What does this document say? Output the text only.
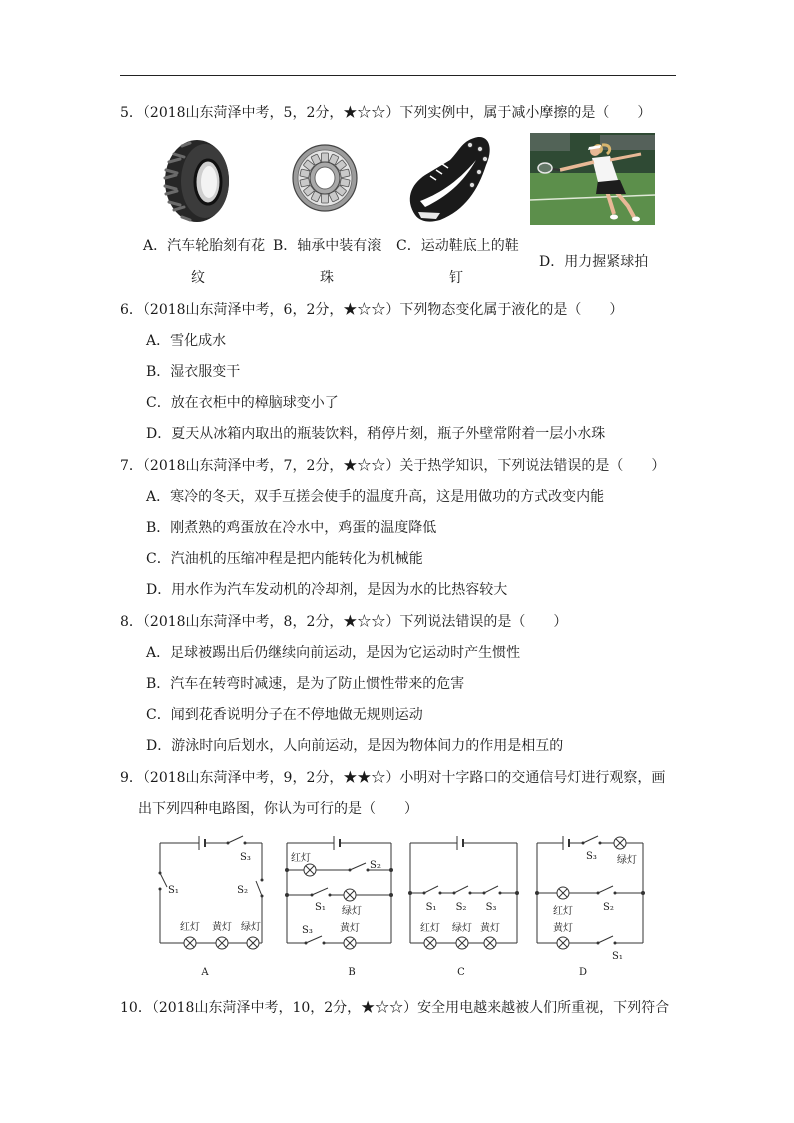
5．（2018山东菏泽中考，5，2分，★☆☆）下列实例中，属于减小摩擦的是（　　）
A．汽车轮胎刻有花
纹
B．轴承中装有滚
珠
C．运动鞋底上的鞋
钉
D．用力握紧球拍
6．（2018山东菏泽中考，6，2分，★☆☆）下列物态变化属于液化的是（　　）
A．雪化成水
B．湿衣服变干
C．放在衣柜中的樟脑球变小了
D．夏天从冰箱内取出的瓶装饮料，稍停片刻，瓶子外壁常附着一层小水珠
7．（2018山东菏泽中考，7，2分，★☆☆）关于热学知识，下列说法错误的是（　　）
A．寒冷的冬天，双手互搓会使手的温度升高，这是用做功的方式改变内能
B．刚煮熟的鸡蛋放在冷水中，鸡蛋的温度降低
C．汽油机的压缩冲程是把内能转化为机械能
D．用水作为汽车发动机的冷却剂，是因为水的比热容较大
8．（2018山东菏泽中考，8，2分，★☆☆）下列说法错误的是（　　）
A．足球被踢出后仍继续向前运动，是因为它运动时产生惯性
B．汽车在转弯时减速，是为了防止惯性带来的危害
C．闻到花香说明分子在不停地做无规则运动
D．游泳时向后划水，人向前运动，是因为物体间力的作用是相互的
9．（2018山东菏泽中考，9，2分，★★☆）小明对十字路口的交通信号灯进行观察，画
出下列四种电路图，你认为可行的是（　　）
S₃
S₁	S₂
红灯 黄灯 绿灯
A
红灯
S₂
S₁ 绿灯
S₃	黄灯
B
S₁ S₂ S₃
红灯 绿灯 黄灯
C
S₃ 绿灯
红灯	S₂
黄灯
S₁
D
10．（2018山东菏泽中考，10，2分，★☆☆）安全用电越来越被人们所重视，下列符合
